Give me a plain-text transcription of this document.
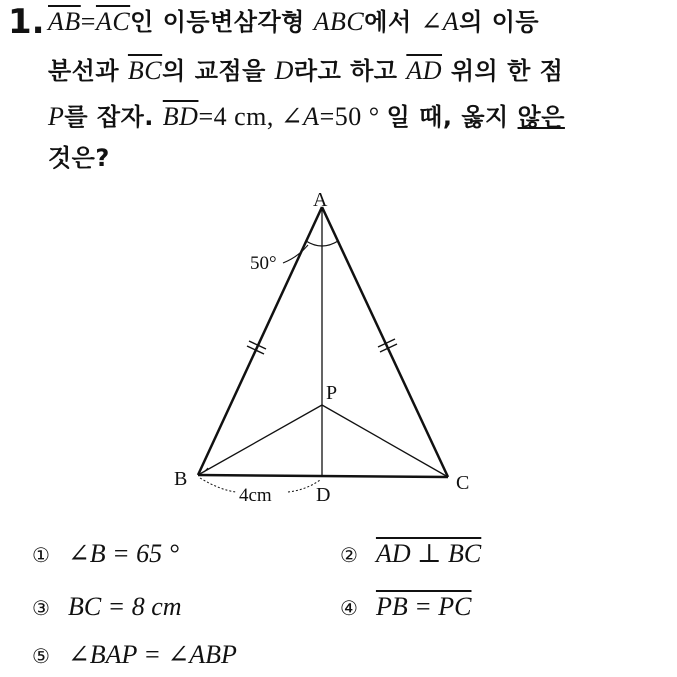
1. $\overline{AB}=\overline{AC}$인 이등변삼각형 ABC에서 ∠A의 이등
분선과 $\overline{BC}$의 교점을 D라고 하고 $\overline{AD}$ 위의 한 점
P를 잡자. $\overline{BD}=4$ cm, ∠A=50 ° 일 때, 옳지 않은
것은?
A
B	C
D
P
50°
4cm
① ∠B = 65 °	② AD ⊥ BC
③ BC = 8 cm	④ PB = PC
⑤ ∠BAP = ∠ABP
